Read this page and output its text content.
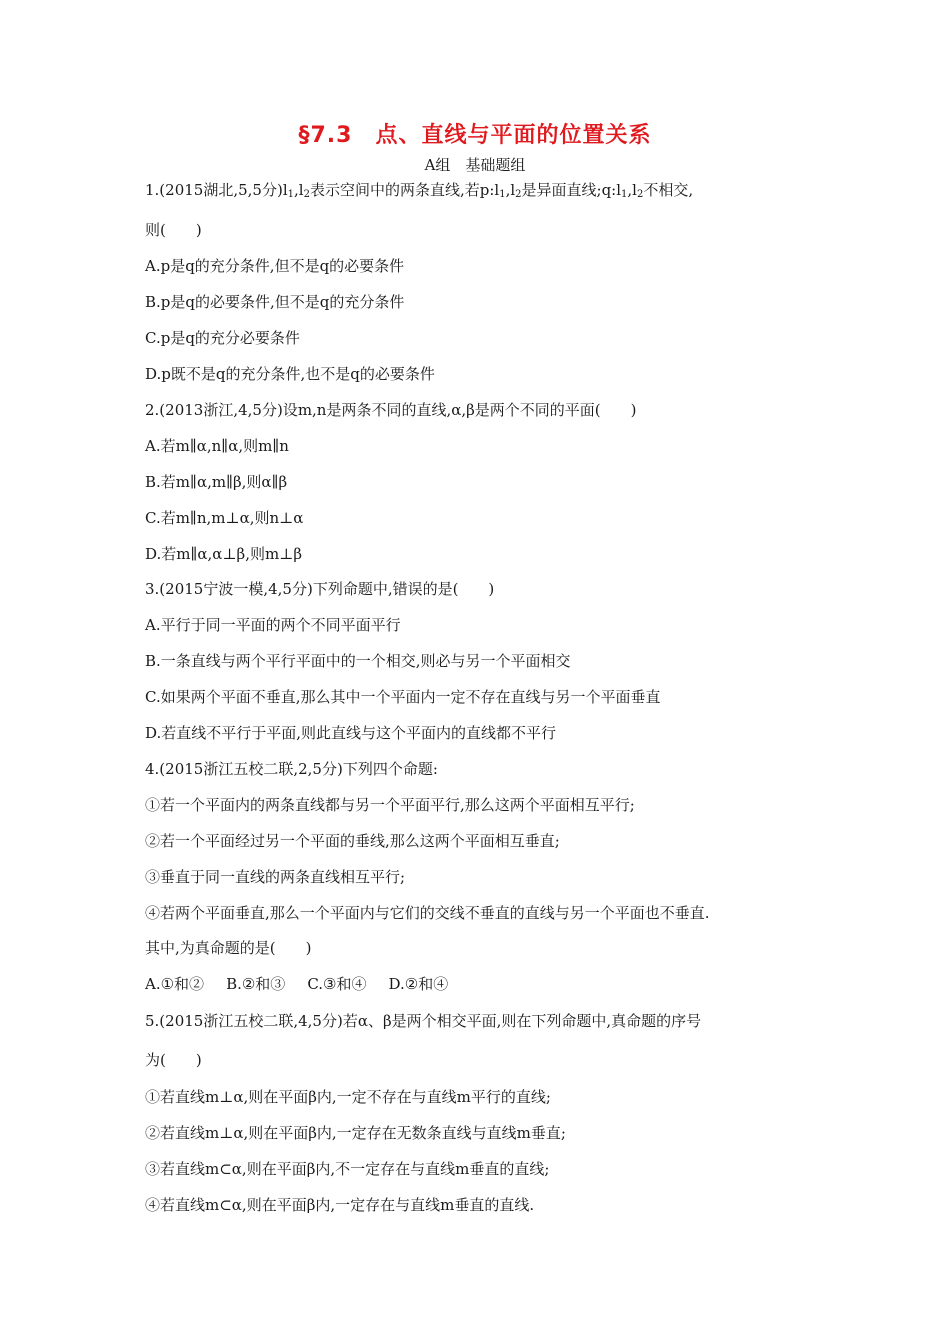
§7.3　点、直线与平面的位置关系
A组　基础题组
1.(2015湖北,5,5分)$l_1,l_2$表示空间中的两条直线,若$p:l_1,l_2$是异面直线$;q:l_1,l_2$不相交,
则(　　)
A.p是q的充分条件,但不是q的必要条件
B.p是q的必要条件,但不是q的充分条件
C.p是q的充分必要条件
D.p既不是q的充分条件,也不是q的必要条件
2.(2013浙江,4,5分)设m,n是两条不同的直线,α,β是两个不同的平面(　　)
A.若m∥α,n∥α,则m∥n
B.若m∥α,m∥β,则α∥β
C.若m∥n,m⊥α,则n⊥α
D.若m∥α,α⊥β,则m⊥β
3.(2015宁波一模,4,5分)下列命题中,错误的是(　　)
A.平行于同一平面的两个不同平面平行
B.一条直线与两个平行平面中的一个相交,则必与另一个平面相交
C.如果两个平面不垂直,那么其中一个平面内一定不存在直线与另一个平面垂直
D.若直线不平行于平面,则此直线与这个平面内的直线都不平行
4.(2015浙江五校二联,2,5分)下列四个命题:
①若一个平面内的两条直线都与另一个平面平行,那么这两个平面相互平行;
②若一个平面经过另一个平面的垂线,那么这两个平面相互垂直;
③垂直于同一直线的两条直线相互平行;
④若两个平面垂直,那么一个平面内与它们的交线不垂直的直线与另一个平面也不垂直.
其中,为真命题的是(　　)
A.①和② B.②和③ C.③和④ D.②和④
5.(2015浙江五校二联,4,5分)若α、β是两个相交平面,则在下列命题中,真命题的序号
为(　　)
①若直线m⊥α,则在平面β内,一定不存在与直线m平行的直线;
②若直线m⊥α,则在平面β内,一定存在无数条直线与直线m垂直;
③若直线m⊂α,则在平面β内,不一定存在与直线m垂直的直线;
④若直线m⊂α,则在平面β内,一定存在与直线m垂直的直线.
